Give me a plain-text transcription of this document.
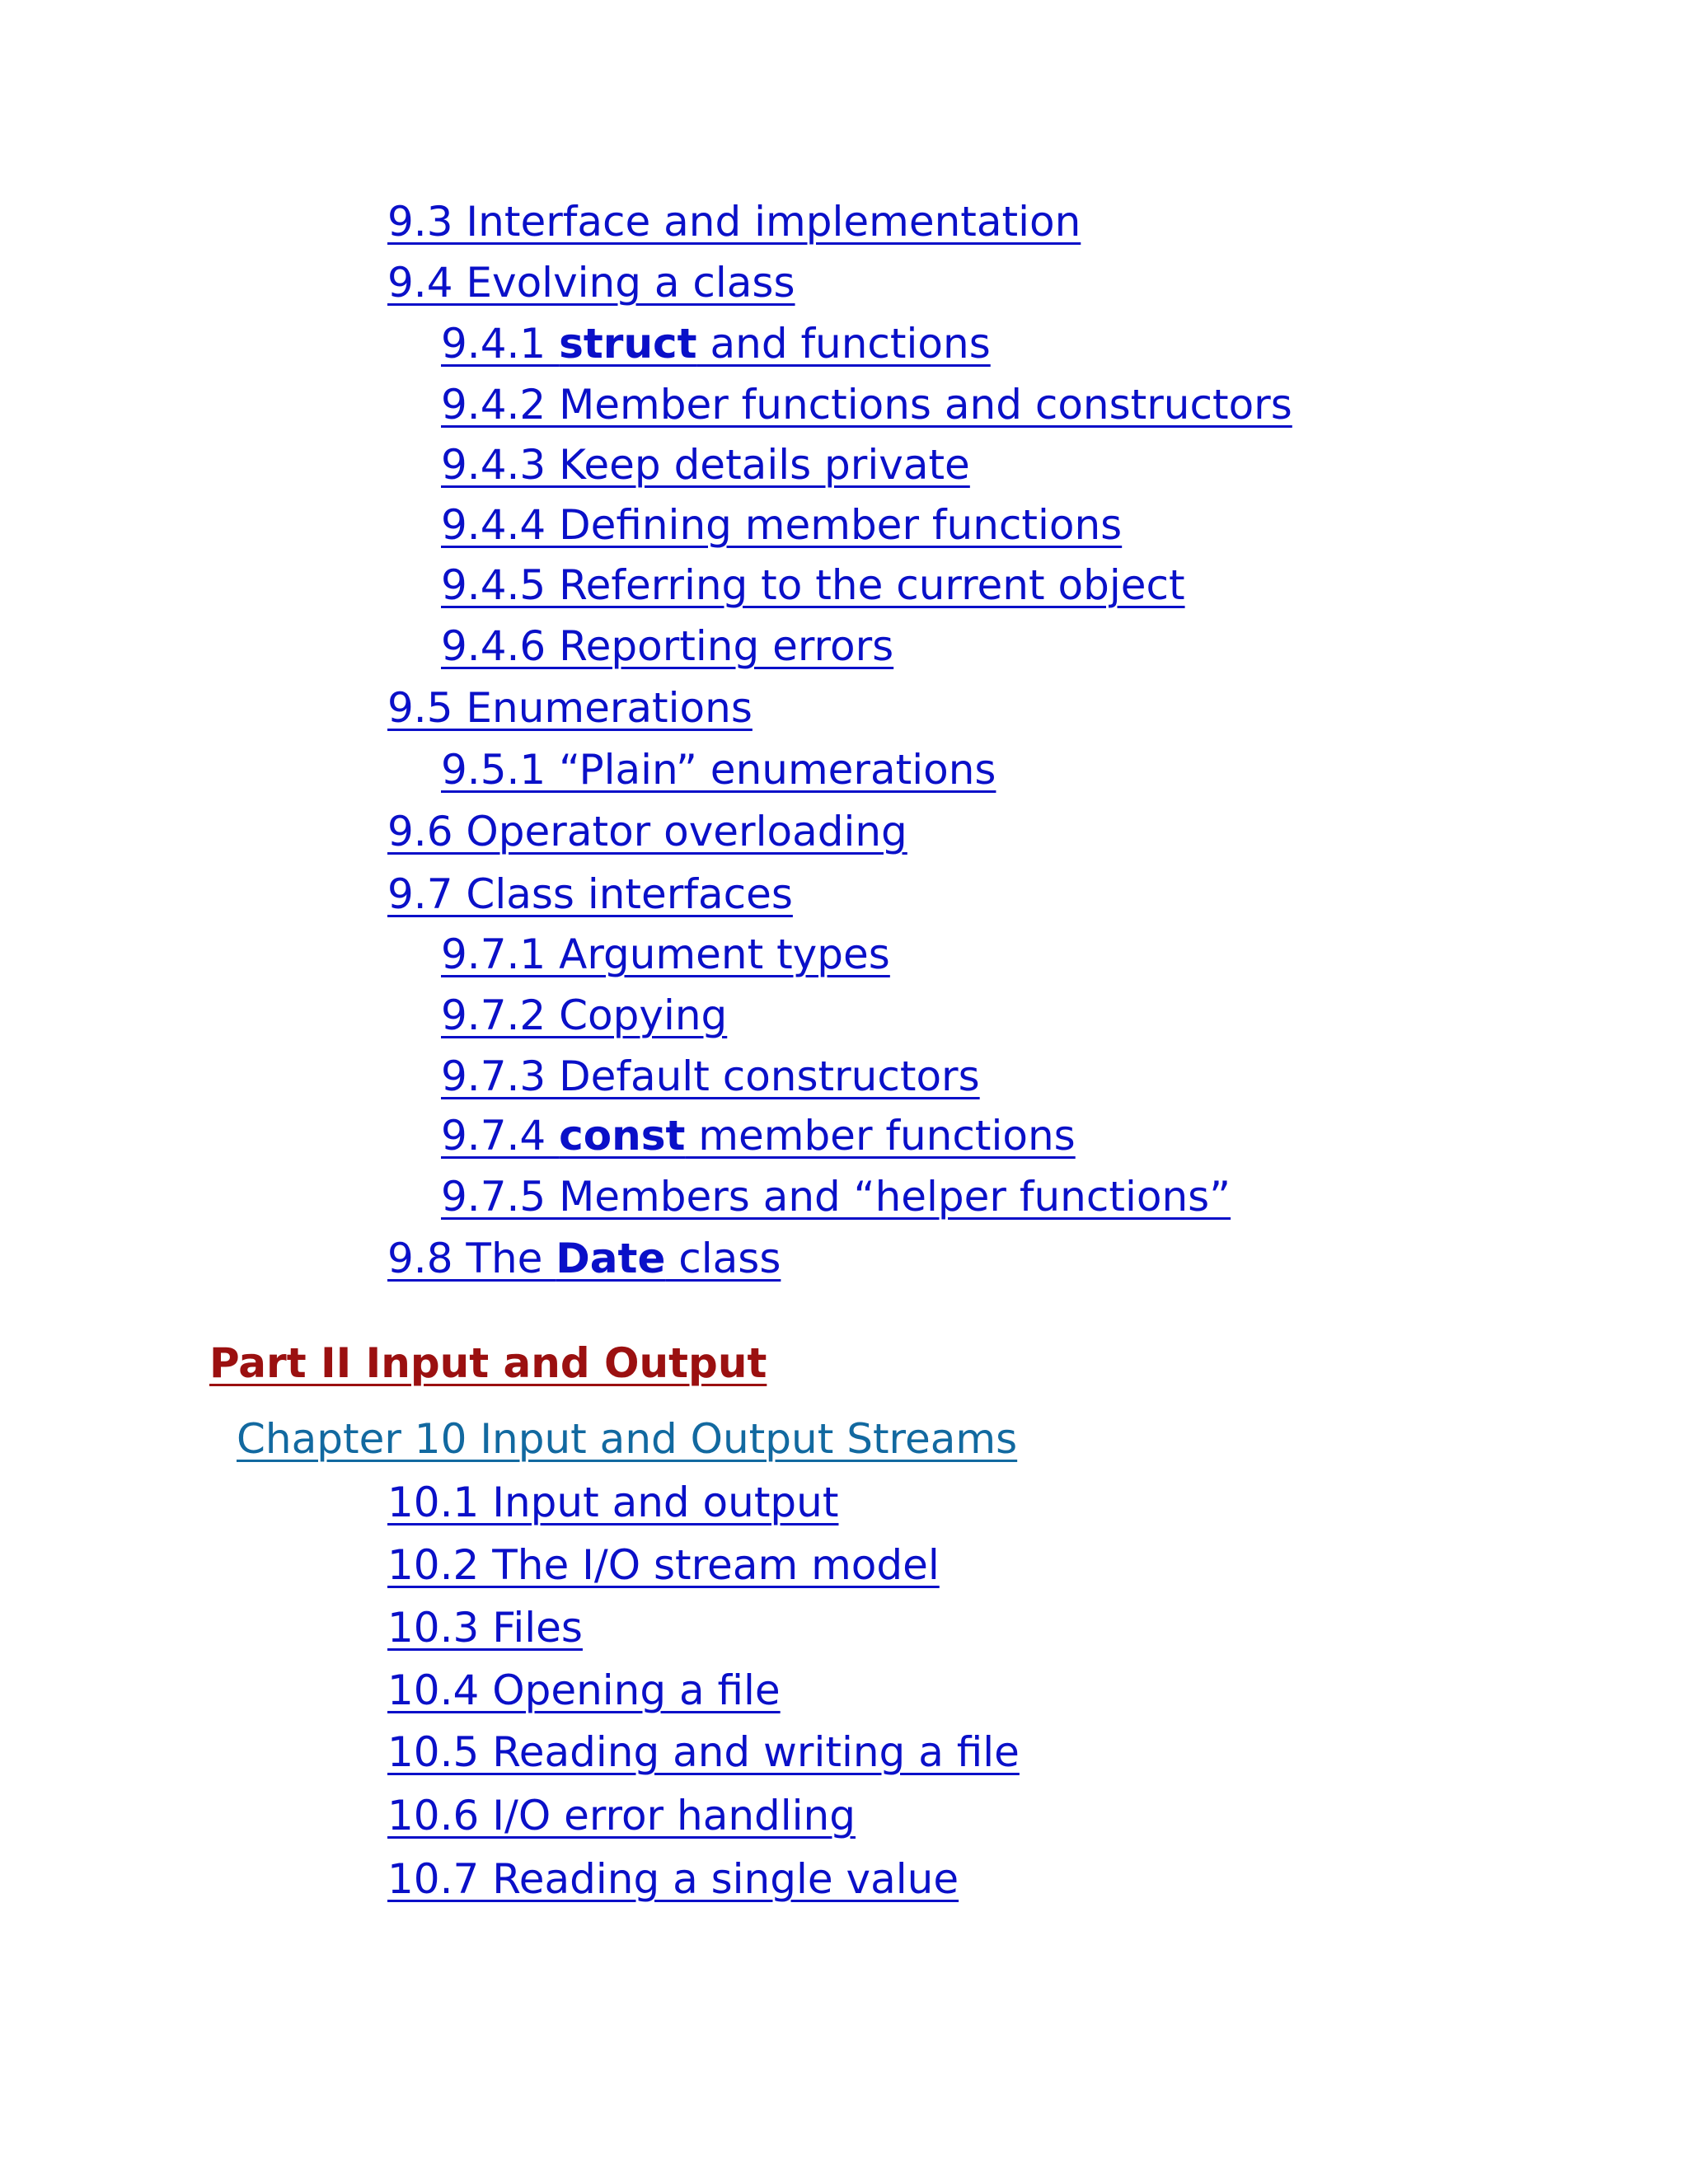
9.3 Interface and implementation
9.4 Evolving a class
9.4.1 struct and functions
9.4.2 Member functions and constructors
9.4.3 Keep details private
9.4.4 Defining member functions
9.4.5 Referring to the current object
9.4.6 Reporting errors
9.5 Enumerations
9.5.1 “Plain” enumerations
9.6 Operator overloading
9.7 Class interfaces
9.7.1 Argument types
9.7.2 Copying
9.7.3 Default constructors
9.7.4 const member functions
9.7.5 Members and “helper functions”
9.8 The Date class
Part II Input and Output
Chapter 10 Input and Output Streams
10.1 Input and output
10.2 The I/O stream model
10.3 Files
10.4 Opening a file
10.5 Reading and writing a file
10.6 I/O error handling
10.7 Reading a single value
